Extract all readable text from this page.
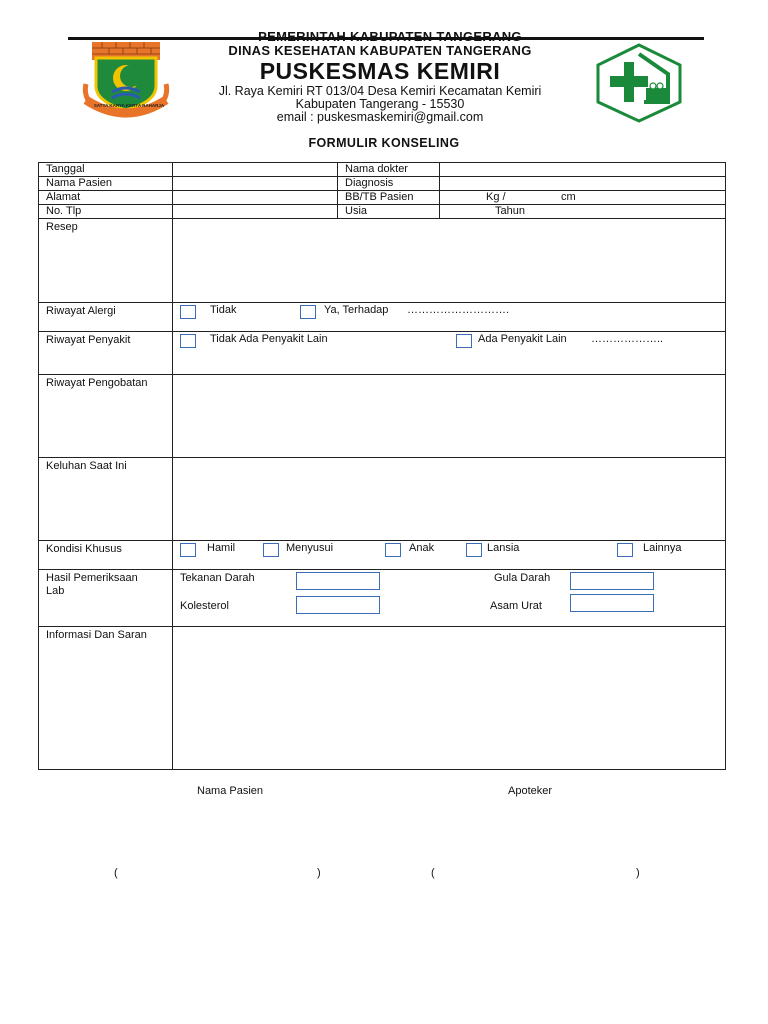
SATYA KARYA KERTA RAHARJA
PEMERINTAH KABUPATEN TANGERANG
DINAS KESEHATAN KABUPATEN TANGERANG
PUSKESMAS KEMIRI
Jl. Raya Kemiri RT 013/04 Desa Kemiri Kecamatan Kemiri
Kabupaten Tangerang - 15530
email : puskesmaskemiri@gmail.com
FORMULIR KONSELING
Tanggal		Nama dokter	
Nama Pasien		Diagnosis	
Alamat		BB/TB Pasien	Kg / cm

No. Tlp		Usia	Tahun

Resep			
Riwayat Alergi	Tidak Ya, Terhadap ……………………….		

Riwayat Penyakit	Tidak Ada Penyakit Lain Ada Penyakit Lain ………………..		

Riwayat Pengobatan			
Keluhan Saat Ini			
Kondisi Khusus	Hamil Menyusui Anak Lansia Lainnya		

Hasil Pemeriksaan
Lab	Tekanan Darah Gula Darah
Kolesterol Asam Urat		

Informasi Dan Saran			
Nama Pasien	Apoteker
(	)	(	)
